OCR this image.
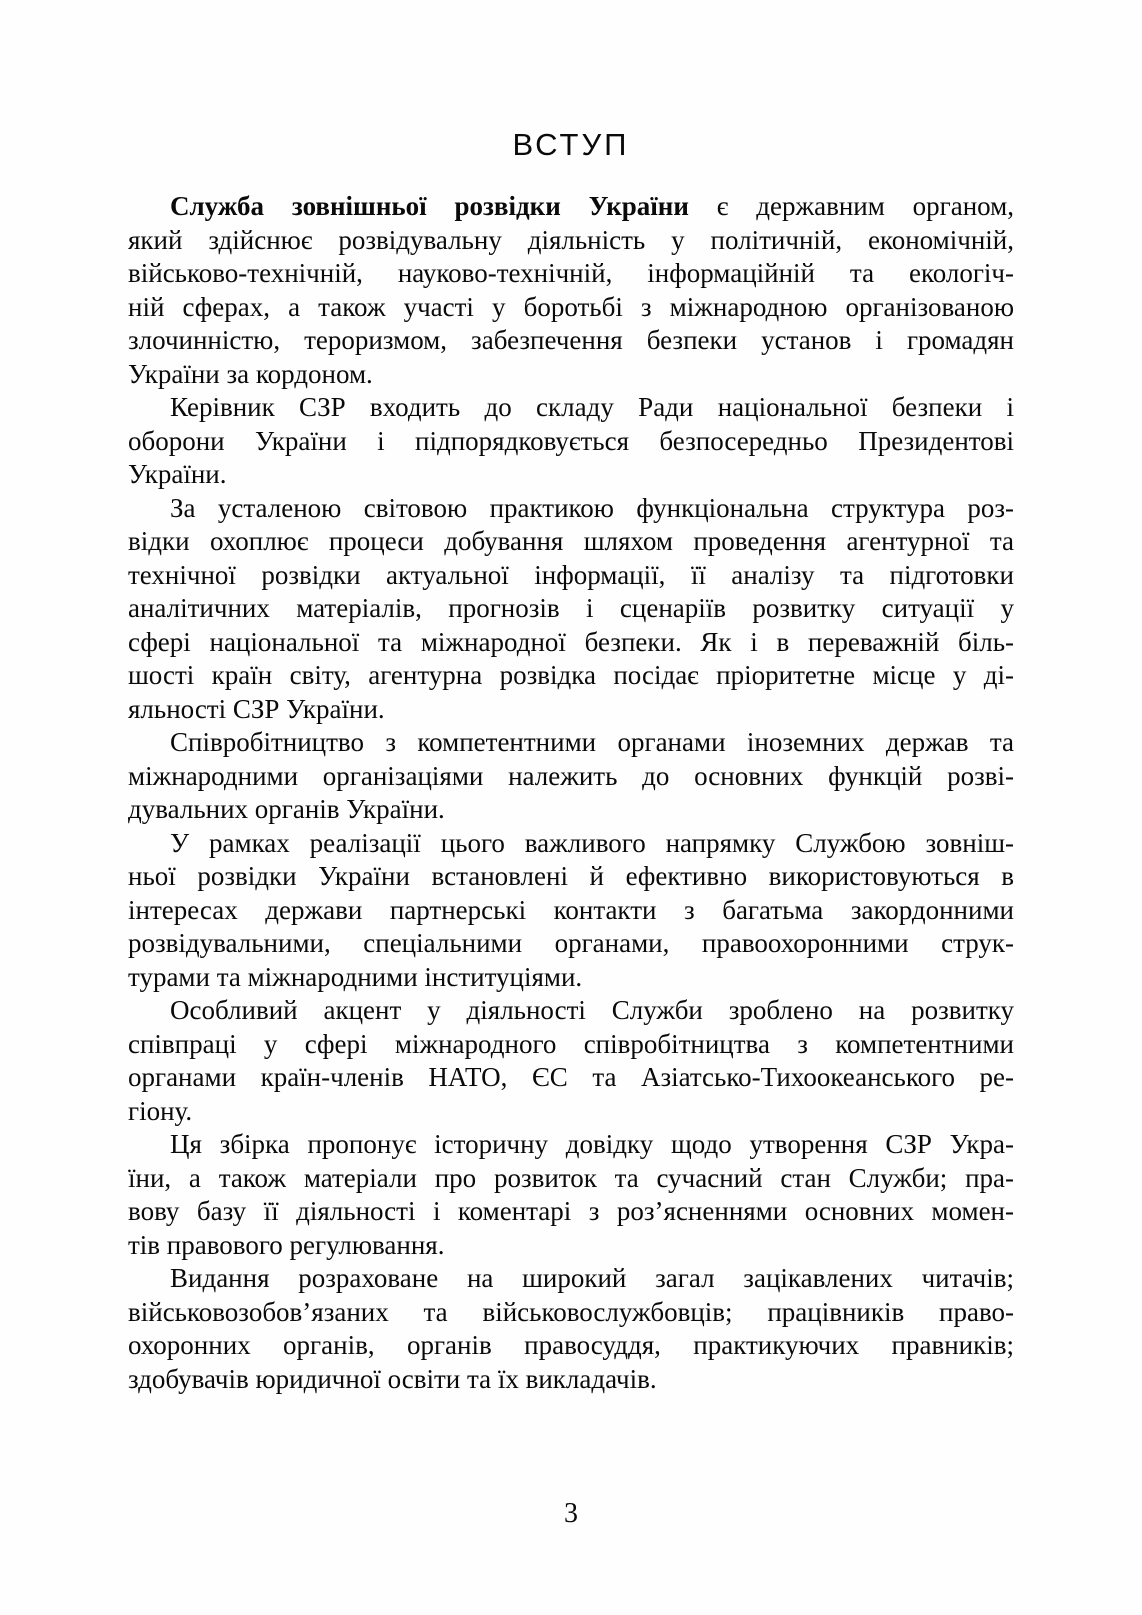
ВСТУП
Служба зовнішньої розвідки України є державним органом,
який здійснює розвідувальну діяльність у політичній, економічній,
військово-технічній, науково-технічній, інформаційній та екологіч-
ній сферах, а також участі у боротьбі з міжнародною організованою
злочинністю, тероризмом, забезпечення безпеки установ і громадян
України за кордоном.
Керівник СЗР входить до складу Ради національної безпеки і
оборони України і підпорядковується безпосередньо Президентові
України.
За усталеною світовою практикою функціональна структура роз-
відки охоплює процеси добування шляхом проведення агентурної та
технічної розвідки актуальної інформації, її аналізу та підготовки
аналітичних матеріалів, прогнозів і сценаріїв розвитку ситуації у
сфері національної та міжнародної безпеки. Як і в переважній біль-
шості країн світу, агентурна розвідка посідає пріоритетне місце у ді-
яльності СЗР України.
Співробітництво з компетентними органами іноземних держав та
міжнародними організаціями належить до основних функцій розві-
дувальних органів України.
У рамках реалізації цього важливого напрямку Службою зовніш-
ньої розвідки України встановлені й ефективно використовуються в
інтересах держави партнерські контакти з багатьма закордонними
розвідувальними, спеціальними органами, правоохоронними струк-
турами та міжнародними інституціями.
Особливий акцент у діяльності Служби зроблено на розвитку
співпраці у сфері міжнародного співробітництва з компетентними
органами країн-членів НАТО, ЄС та Азіатсько-Тихоокеанського ре-
гіону.
Ця збірка пропонує історичну довідку щодо утворення СЗР Укра-
їни, а також матеріали про розвиток та сучасний стан Служби; пра-
вову базу її діяльності і коментарі з роз’ясненнями основних момен-
тів правового регулювання.
Видання розраховане на широкий загал зацікавлених читачів;
військовозобов’язаних та військовослужбовців; працівників право-
охоронних органів, органів правосуддя, практикуючих правників;
здобувачів юридичної освіти та їх викладачів.
3
